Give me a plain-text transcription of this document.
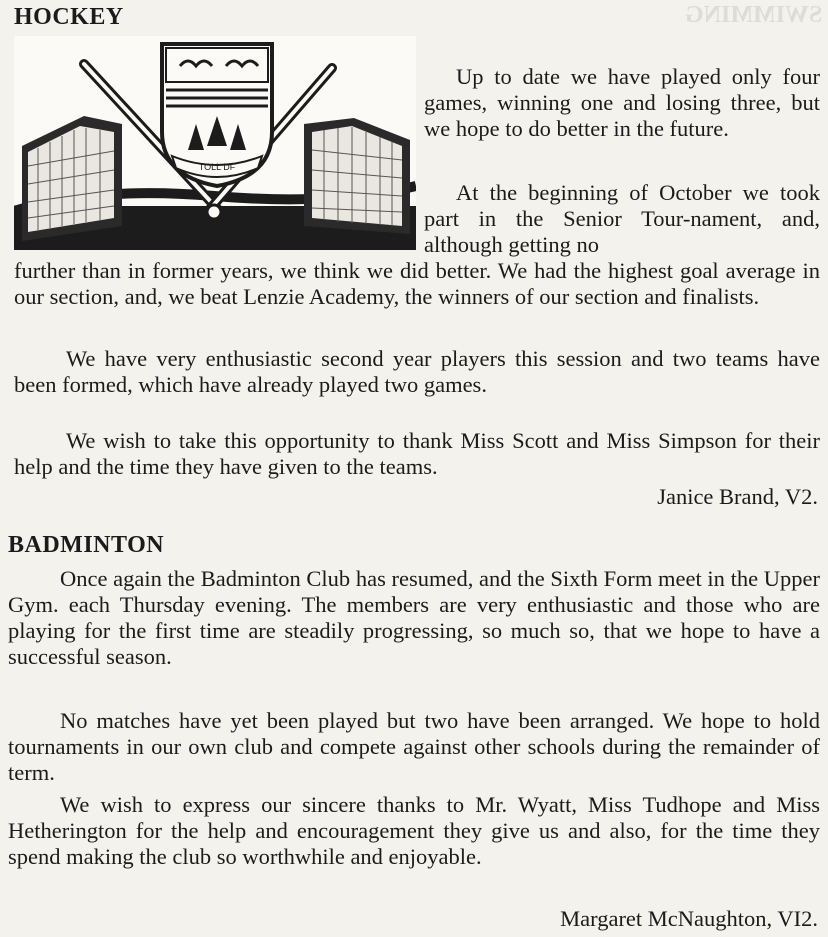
SWIMMING
HOCKEY
TOLL DF

Up to date we have played only four games, winning one and losing three, but we hope to do better in the future.

At the beginning of October we took part in the Senior Tour-nament, and, although getting no

further than in former years, we think we did better. We had the highest goal average in our section, and, we beat Lenzie Academy, the winners of our section and finalists.

We have very enthusiastic second year players this session and two teams have been formed, which have already played two games.

We wish to take this opportunity to thank Miss Scott and Miss Simpson for their help and the time they have given to the teams.

Janice Brand, V2.
BADMINTON

Once again the Badminton Club has resumed, and the Sixth Form meet in the Upper Gym. each Thursday evening. The members are very enthusiastic and those who are playing for the first time are steadily progressing, so much so, that we hope to have a successful season.

No matches have yet been played but two have been arranged. We hope to hold tournaments in our own club and compete against other schools during the remainder of term.

We wish to express our sincere thanks to Mr. Wyatt, Miss Tudhope and Miss Hetherington for the help and encouragement they give us and also, for the time they spend making the club so worthwhile and enjoyable.

Margaret McNaughton, VI2.
